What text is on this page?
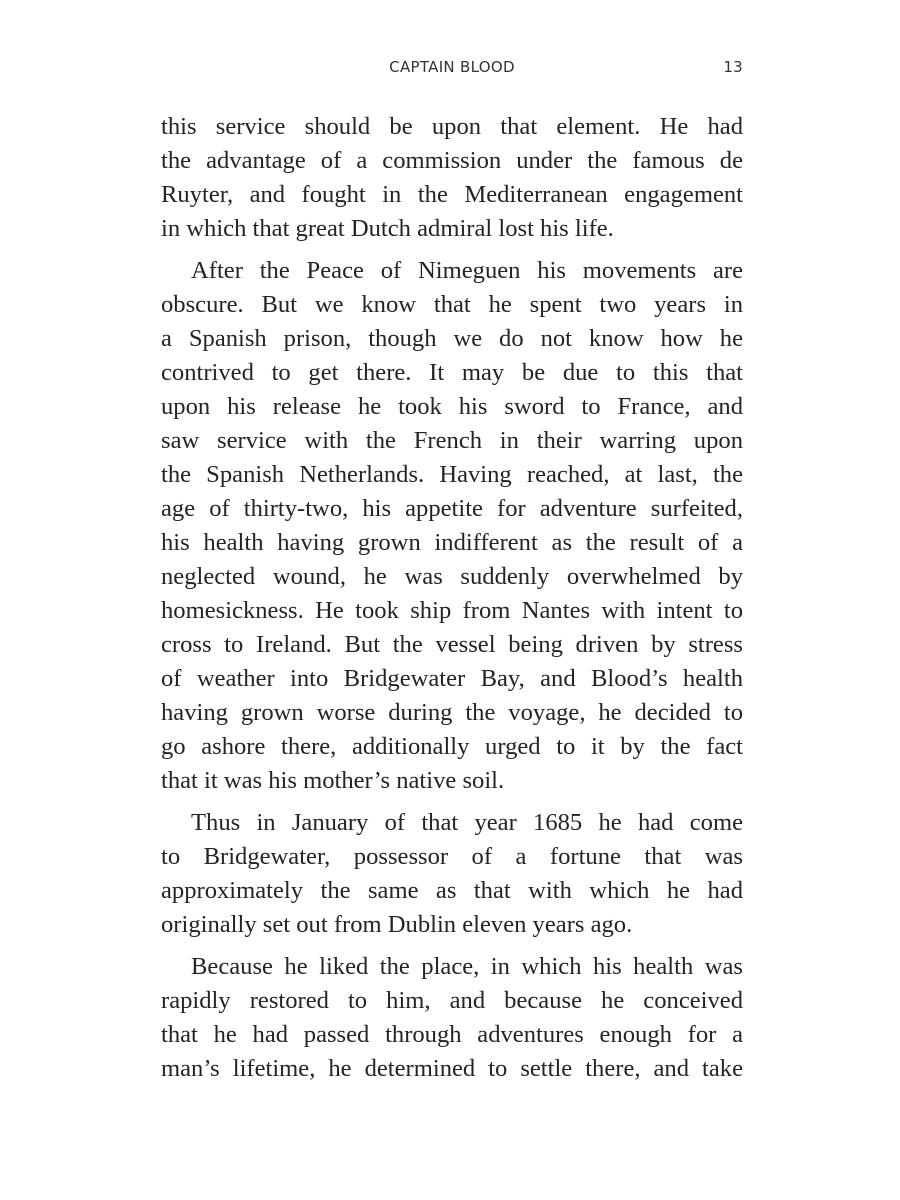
CAPTAIN BLOOD	13
this service should be upon that element. He had
the advantage of a commission under the famous de
Ruyter, and fought in the Mediterranean engagement
in which that great Dutch admiral lost his life.
After the Peace of Nimeguen his movements are
obscure. But we know that he spent two years in
a Spanish prison, though we do not know how he
contrived to get there. It may be due to this that
upon his release he took his sword to France, and
saw service with the French in their warring upon
the Spanish Netherlands. Having reached, at last, the
age of thirty-two, his appetite for adventure surfeited,
his health having grown indifferent as the result of a
neglected wound, he was suddenly overwhelmed by
homesickness. He took ship from Nantes with intent to
cross to Ireland. But the vessel being driven by stress
of weather into Bridgewater Bay, and Blood’s health
having grown worse during the voyage, he decided to
go ashore there, additionally urged to it by the fact
that it was his mother’s native soil.
Thus in January of that year 1685 he had come
to Bridgewater, possessor of a fortune that was
approximately the same as that with which he had
originally set out from Dublin eleven years ago.
Because he liked the place, in which his health was
rapidly restored to him, and because he conceived
that he had passed through adventures enough for a
man’s lifetime, he determined to settle there, and take
